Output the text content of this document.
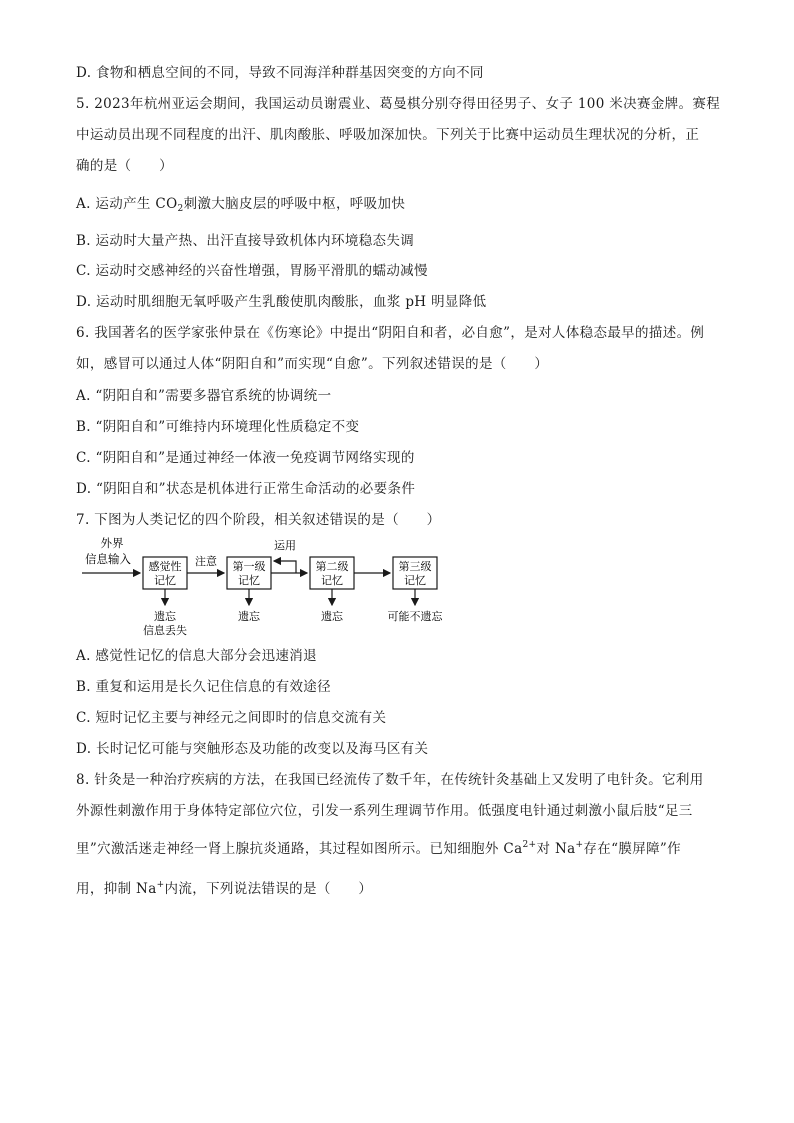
D. 食物和栖息空间的不同，导致不同海洋种群基因突变的方向不同
5. 2023年杭州亚运会期间，我国运动员谢震业、葛曼棋分别夺得田径男子、女子 100 米决赛金牌。赛程
中运动员出现不同程度的出汗、肌肉酸胀、呼吸加深加快。下列关于比赛中运动员生理状况的分析，正
确的是（　　）
A. 运动产生 $CO_2$刺激大脑皮层的呼吸中枢，呼吸加快
B. 运动时大量产热、出汗直接导致机体内环境稳态失调
C. 运动时交感神经的兴奋性增强，胃肠平滑肌的蠕动减慢
D. 运动时肌细胞无氧呼吸产生乳酸使肌肉酸胀，血浆 pH 明显降低
6. 我国著名的医学家张仲景在《伤寒论》中提出“阴阳自和者，必自愈”，是对人体稳态最早的描述。例
如，感冒可以通过人体“阴阳自和”而实现“自愈”。下列叙述错误的是（　　）
A. “阴阳自和”需要多器官系统的协调统一
B. “阴阳自和”可维持内环境理化性质稳定不变
C. “阴阳自和”是通过神经一体液一免疫调节网络实现的
D. “阴阳自和”状态是机体进行正常生命活动的必要条件
7. 下图为人类记忆的四个阶段，相关叙述错误的是（　　）
外界
信息输入
感觉性
记忆
注意 第一级
记忆
运用
第二级
记忆
第三级
记忆
遗忘
信息丢失
遗忘	遗忘	可能不遗忘
A. 感觉性记忆的信息大部分会迅速消退
B. 重复和运用是长久记住信息的有效途径
C. 短时记忆主要与神经元之间即时的信息交流有关
D. 长时记忆可能与突触形态及功能的改变以及海马区有关
8. 针灸是一种治疗疾病的方法，在我国已经流传了数千年，在传统针灸基础上又发明了电针灸。它利用
外源性刺激作用于身体特定部位穴位，引发一系列生理调节作用。低强度电针通过刺激小鼠后肢“足三
里”穴激活迷走神经一肾上腺抗炎通路，其过程如图所示。已知细胞外 $Ca^{2+}$对 Na+存在“膜屏障”作
用，抑制 Na+内流，下列说法错误的是（　　）
